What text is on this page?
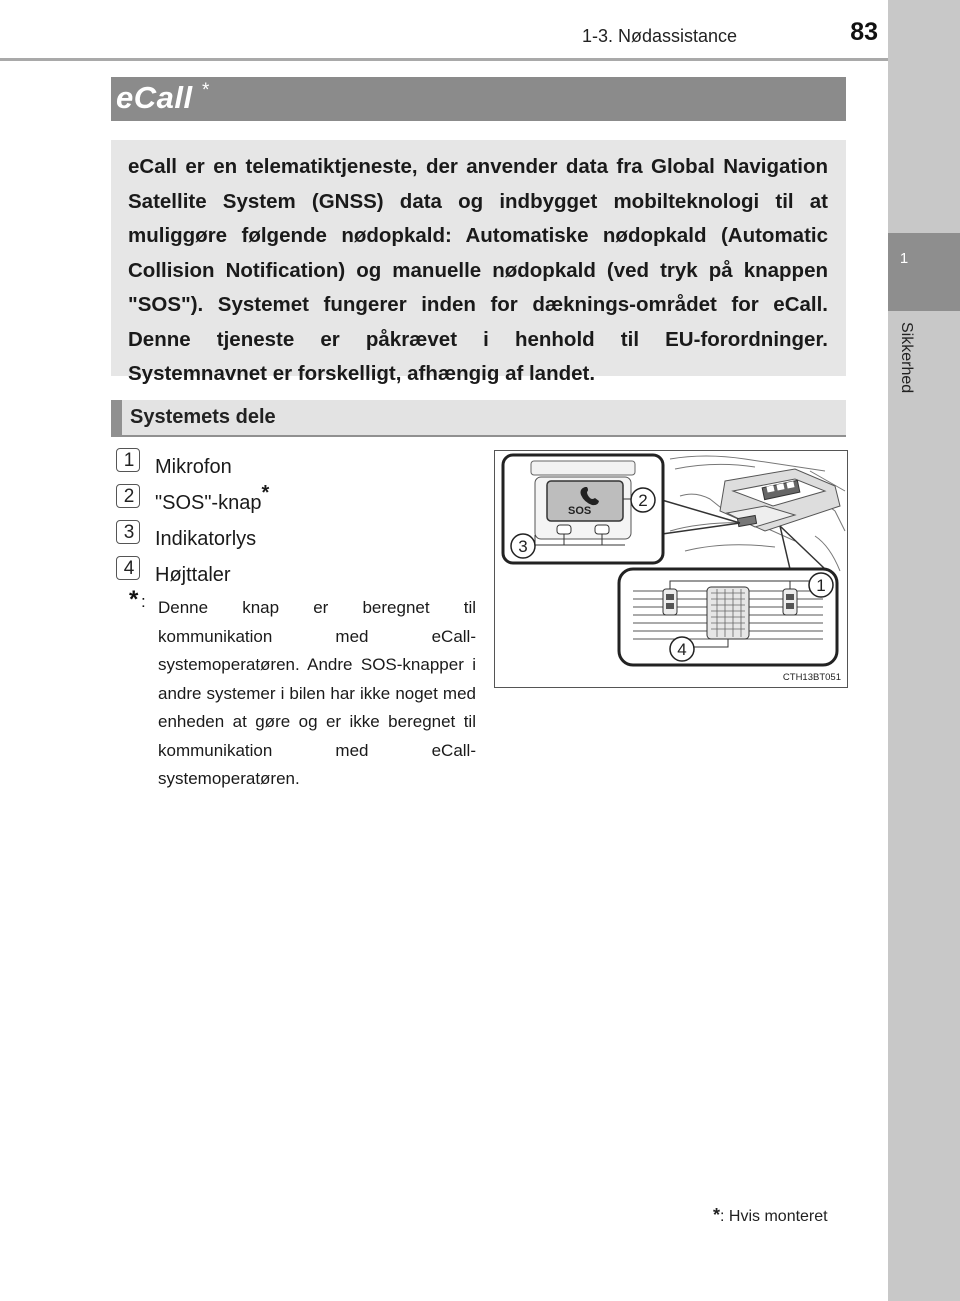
1
Sikkerhed
1-3. Nødassistance	83
eCall *
eCall er en telematiktjeneste, der anvender data fra Global Navigation Satellite System (GNSS) data og indbygget mobilteknologi til at muliggøre følgende nødopkald: Automatiske nødopkald (Automatic Collision Notification) og manuelle nødopkald (ved tryk på knappen "SOS"). Systemet fungerer inden for dæknings-området for eCall. Denne tjeneste er påkrævet i henhold til EU-forordninger. Systemnavnet er forskelligt, afhængig af landet.
Systemets dele
1	Mikrofon
2	"SOS"-knap*
3	Indikatorlys
4	Højttaler
* : Denne knap er beregnet til kommunikation med eCall-systemoperatøren. Andre SOS-knapper i andre systemer i bilen har ikke noget med enheden at gøre og er ikke beregnet til kommunikation med eCall-systemoperatøren.
SOS
2
3
1
4
CTH13BT051
*: Hvis monteret
